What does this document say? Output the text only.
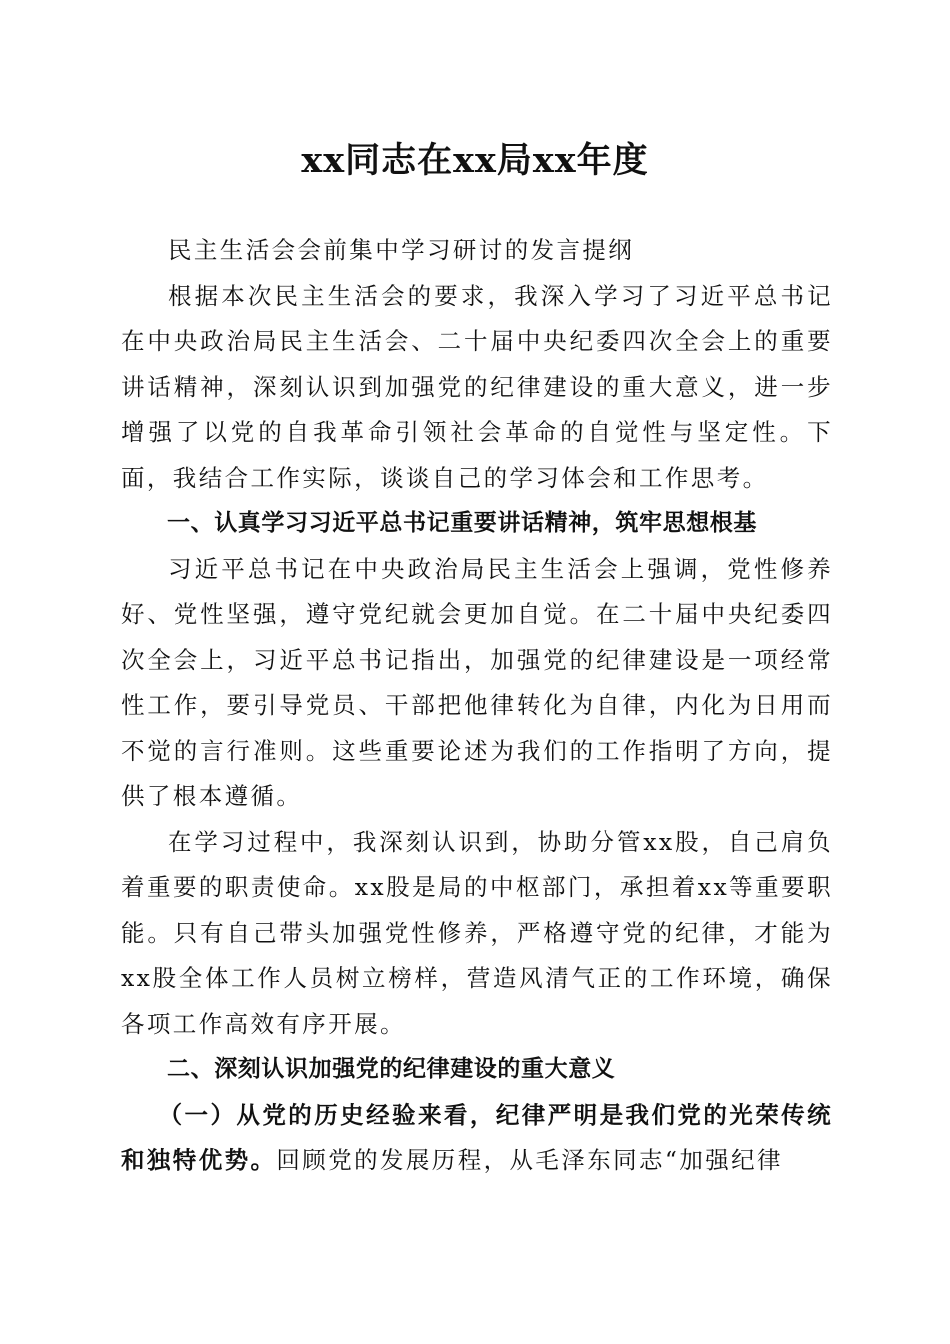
xx同志在xx局xx年度

民主生活会会前集中学习研讨的发言提纲

根据本次民主生活会的要求，我深入学习了习近平总书记在中央政治局民主生活会、二十届中央纪委四次全会上的重要讲话精神，深刻认识到加强党的纪律建设的重大意义，进一步增强了以党的自我革命引领社会革命的自觉性与坚定性。下面，我结合工作实际，谈谈自己的学习体会和工作思考。

一、认真学习习近平总书记重要讲话精神，筑牢思想根基

习近平总书记在中央政治局民主生活会上强调，党性修养好、党性坚强，遵守党纪就会更加自觉。在二十届中央纪委四次全会上，习近平总书记指出，加强党的纪律建设是一项经常性工作，要引导党员、干部把他律转化为自律，内化为日用而不觉的言行准则。这些重要论述为我们的工作指明了方向，提供了根本遵循。

在学习过程中，我深刻认识到，协助分管xx股，自己肩负着重要的职责使命。xx股是局的中枢部门，承担着xx等重要职能。只有自己带头加强党性修养，严格遵守党的纪律，才能为xx股全体工作人员树立榜样，营造风清气正的工作环境，确保各项工作高效有序开展。

二、深刻认识加强党的纪律建设的重大意义

（一）从党的历史经验来看，纪律严明是我们党的光荣传统和独特优势。回顾党的发展历程，从毛泽东同志“加强纪律
